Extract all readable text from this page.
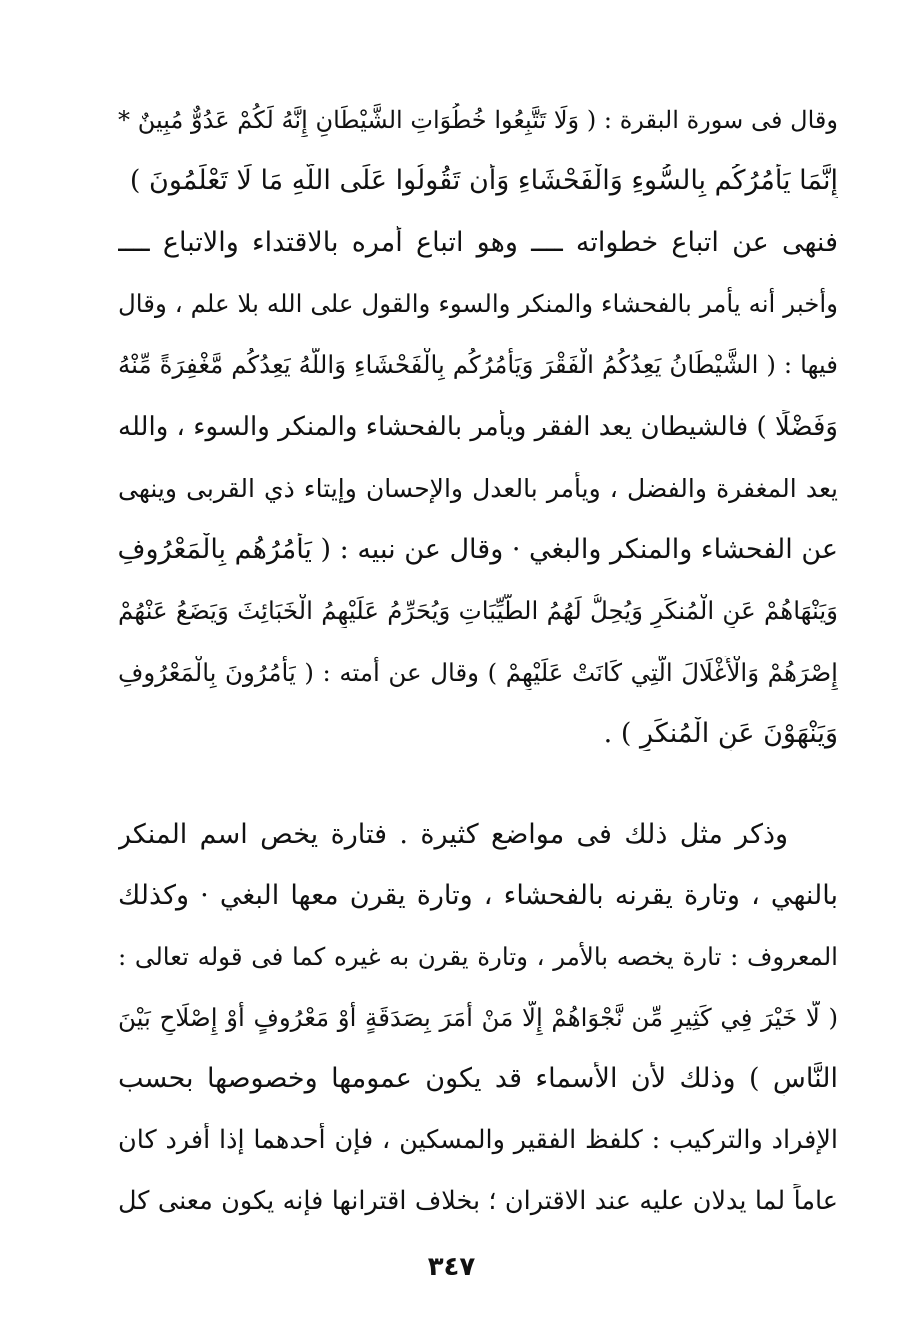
وقال فى سورة البقرة : ( وَلَا تَتَّبِعُوا خُطُوَاتِ الشَّيْطَانِ إِنَّهُ لَكُمْ عَدُوٌّ مُبِينٌ *
إِنَّمَا يَأْمُرُكُم بِالسُّوءِ وَالْفَحْشَاءِ وَأَن تَقُولُوا عَلَى اللَّهِ مَا لَا تَعْلَمُونَ )
فنهى عن اتباع خطواته ــــ وهو اتباع أمره بالاقتداء والاتباع ــــ
وأخبر أنه يأمر بالفحشاء والمنكر والسوء والقول على الله بلا علم ، وقال
فيها : ( الشَّيْطَانُ يَعِدُكُمُ الْفَقْرَ وَيَأْمُرُكُم بِالْفَحْشَاءِ وَاللَّهُ يَعِدُكُم مَّغْفِرَةً مِّنْهُ
وَفَضْلًا ) فالشيطان يعد الفقر ويأمر بالفحشاء والمنكر والسوء ، والله
يعد المغفرة والفضل ، ويأمر بالعدل والإحسان وإيتاء ذي القربى وينهى
عن الفحشاء والمنكر والبغي · وقال عن نبيه : ( يَأْمُرُهُم بِالْمَعْرُوفِ
وَيَنْهَاهُمْ عَنِ الْمُنكَرِ وَيُحِلُّ لَهُمُ الطَّيِّبَاتِ وَيُحَرِّمُ عَلَيْهِمُ الْخَبَائِثَ وَيَضَعُ عَنْهُمْ
إِصْرَهُمْ وَالْأَغْلَالَ الَّتِي كَانَتْ عَلَيْهِمْ ) وقال عن أمته : ( يَأْمُرُونَ بِالْمَعْرُوفِ
وَيَنْهَوْنَ عَنِ الْمُنكَرِ ) .
وذكر مثل ذلك فى مواضع كثيرة . فتارة يخص اسم المنكر
بالنهي ، وتارة يقرنه بالفحشاء ، وتارة يقرن معها البغي · وكذلك
المعروف : تارة يخصه بالأمر ، وتارة يقرن به غيره كما فى قوله تعالى :
( لَّا خَيْرَ فِي كَثِيرٍ مِّن نَّجْوَاهُمْ إِلَّا مَنْ أَمَرَ بِصَدَقَةٍ أَوْ مَعْرُوفٍ أَوْ إِصْلَاحٍ بَيْنَ
النَّاسِ ) وذلك لأن الأسماء قد يكون عمومها وخصوصها بحسب
الإفراد والتركيب : كلفظ الفقير والمسكين ، فإن أحدهما إذا أفرد كان
عاماً لما يدلان عليه عند الاقتران ؛ بخلاف اقترانها فإنه يكون معنى كل
٣٤٧
